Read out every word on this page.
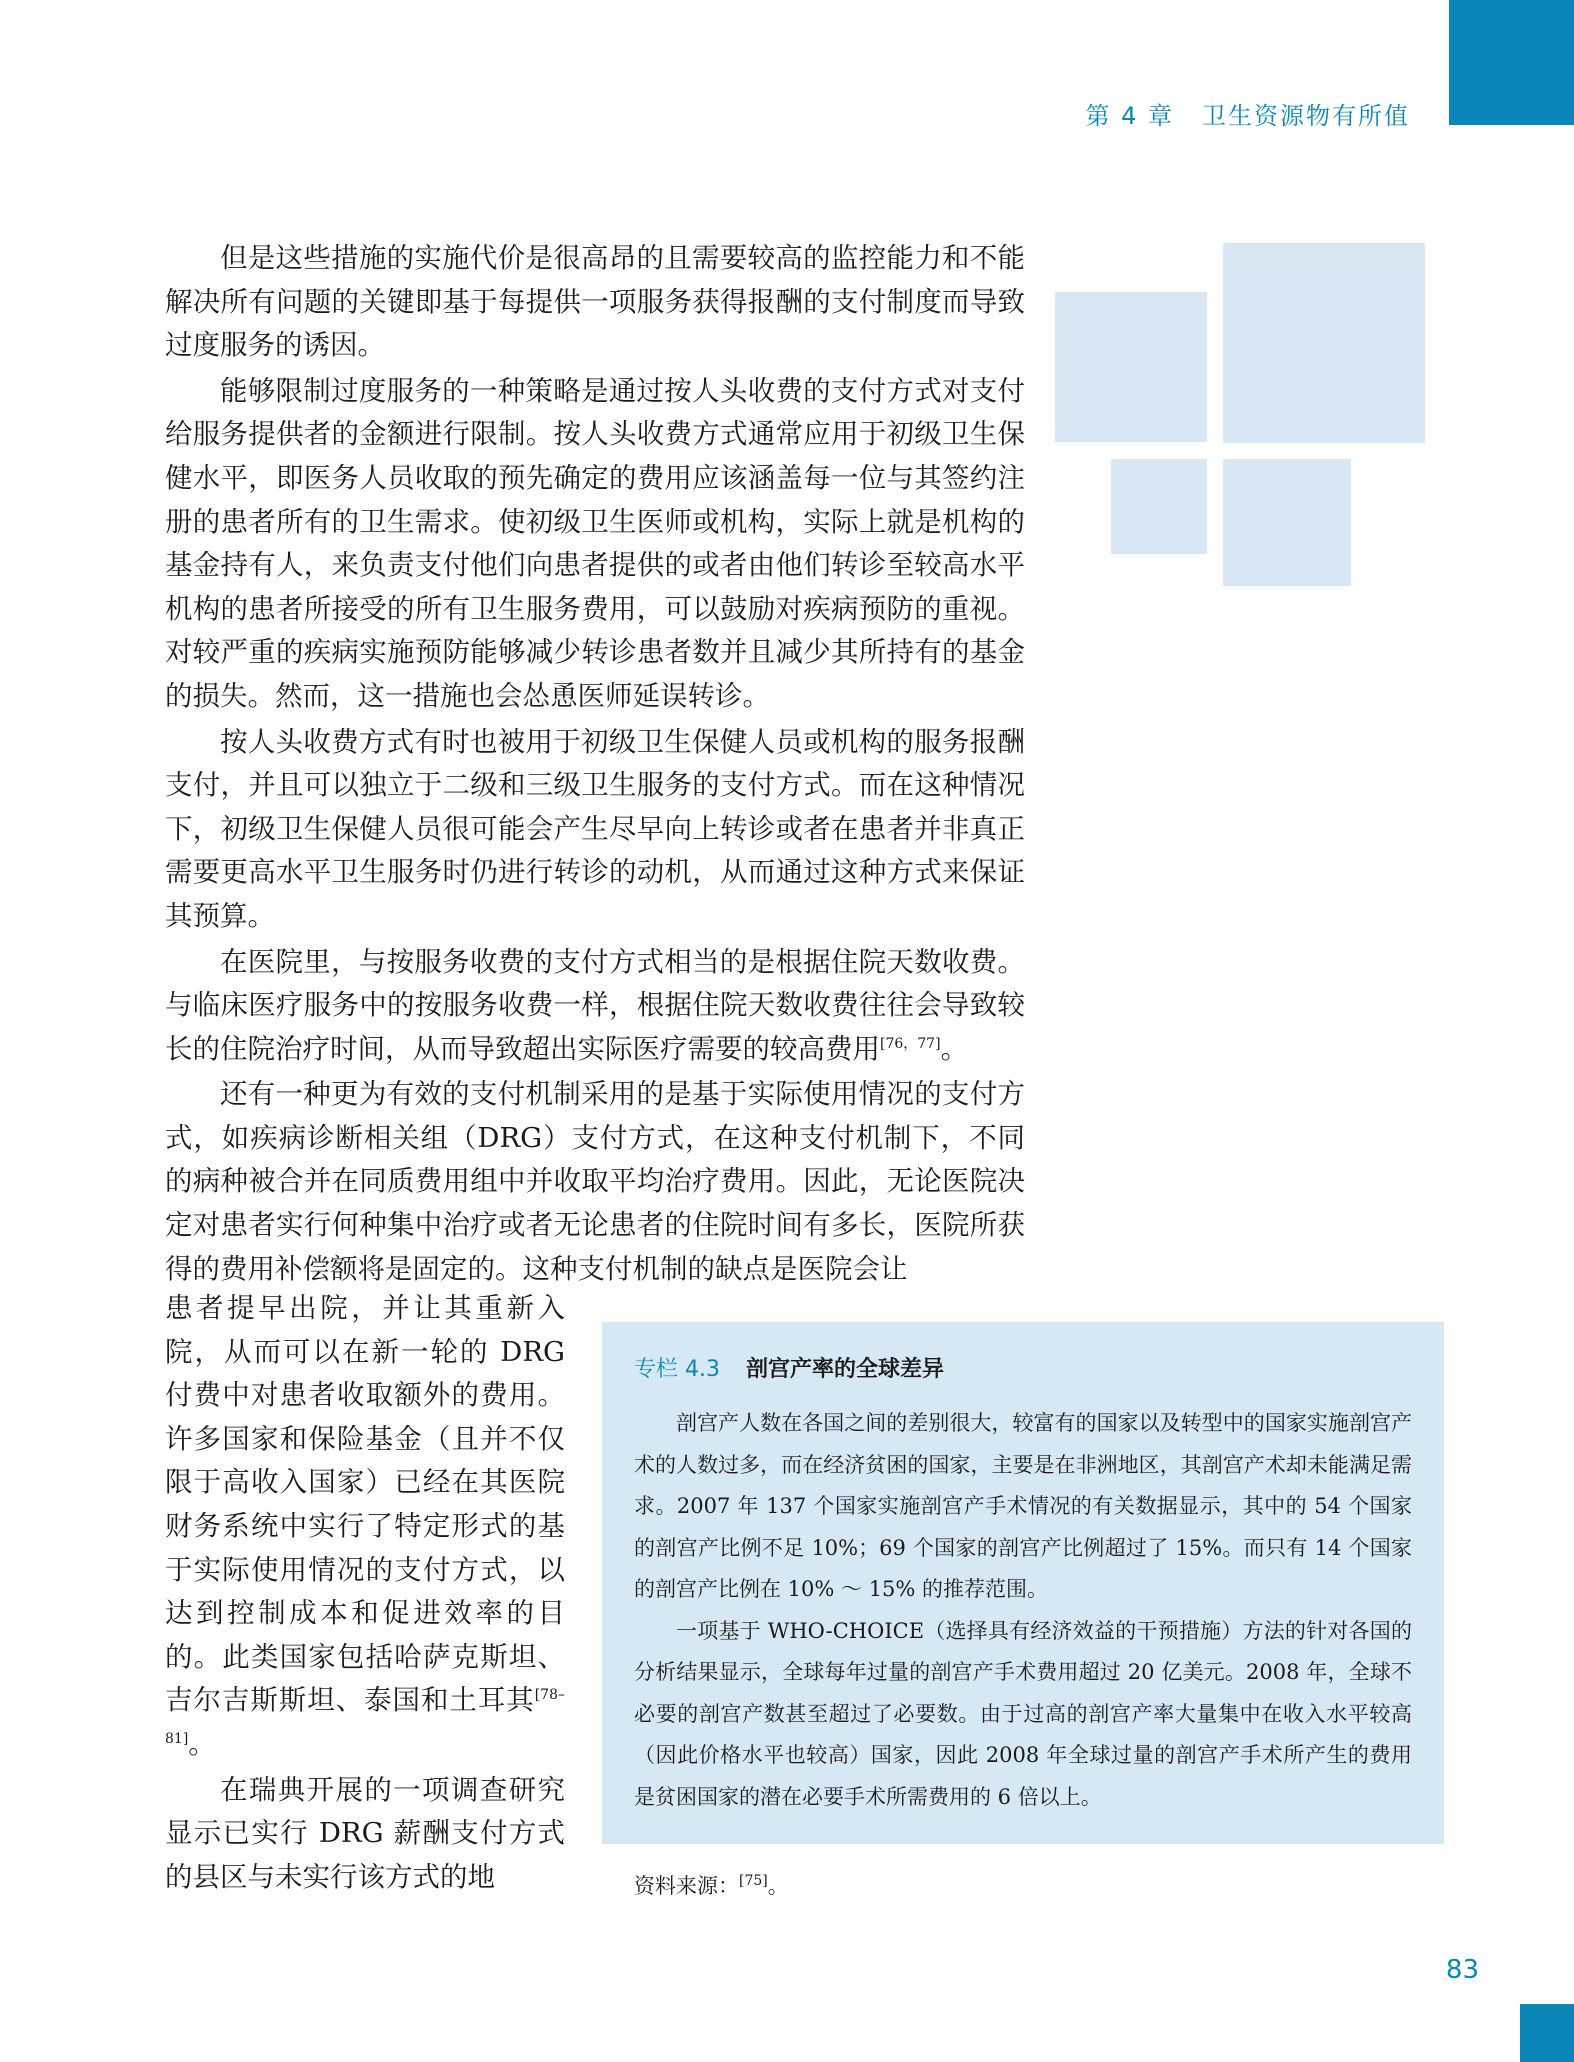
第 4 章 卫生资源物有所值

但是这些措施的实施代价是很高昂的且需要较高的监控能力和不能解决所有问题的关键即基于每提供一项服务获得报酬的支付制度而导致过度服务的诱因。

能够限制过度服务的一种策略是通过按人头收费的支付方式对支付给服务提供者的金额进行限制。按人头收费方式通常应用于初级卫生保健水平，即医务人员收取的预先确定的费用应该涵盖每一位与其签约注册的患者所有的卫生需求。使初级卫生医师或机构，实际上就是机构的基金持有人，来负责支付他们向患者提供的或者由他们转诊至较高水平机构的患者所接受的所有卫生服务费用，可以鼓励对疾病预防的重视。对较严重的疾病实施预防能够减少转诊患者数并且减少其所持有的基金的损失。然而，这一措施也会怂恿医师延误转诊。

按人头收费方式有时也被用于初级卫生保健人员或机构的服务报酬支付，并且可以独立于二级和三级卫生服务的支付方式。而在这种情况下，初级卫生保健人员很可能会产生尽早向上转诊或者在患者并非真正需要更高水平卫生服务时仍进行转诊的动机，从而通过这种方式来保证其预算。

在医院里，与按服务收费的支付方式相当的是根据住院天数收费。与临床医疗服务中的按服务收费一样，根据住院天数收费往往会导致较长的住院治疗时间，从而导致超出实际医疗需要的较高费用[76，77]。

还有一种更为有效的支付机制采用的是基于实际使用情况的支付方式，如疾病诊断相关组（DRG）支付方式，在这种支付机制下，不同的病种被合并在同质费用组中并收取平均治疗费用。因此，无论医院决定对患者实行何种集中治疗或者无论患者的住院时间有多长，医院所获得的费用补偿额将是固定的。这种支付机制的缺点是医院会让

患者提早出院，并让其重新入院，从而可以在新一轮的 DRG 付费中对患者收取额外的费用。许多国家和保险基金（且并不仅限于高收入国家）已经在其医院财务系统中实行了特定形式的基于实际使用情况的支付方式，以达到控制成本和促进效率的目的。此类国家包括哈萨克斯坦、吉尔吉斯斯坦、泰国和土耳其[78–81]。

在瑞典开展的一项调查研究显示已实行 DRG 薪酬支付方式的县区与未实行该方式的地

专栏 4.3 剖宫产率的全球差异

剖宫产人数在各国之间的差别很大，较富有的国家以及转型中的国家实施剖宫产术的人数过多，而在经济贫困的国家，主要是在非洲地区，其剖宫产术却未能满足需求。2007 年 137 个国家实施剖宫产手术情况的有关数据显示，其中的 54 个国家的剖宫产比例不足 10%；69 个国家的剖宫产比例超过了 15%。而只有 14 个国家的剖宫产比例在 10% ～ 15% 的推荐范围。

一项基于 WHO-CHOICE（选择具有经济效益的干预措施）方法的针对各国的分析结果显示，全球每年过量的剖宫产手术费用超过 20 亿美元。2008 年，全球不必要的剖宫产数甚至超过了必要数。由于过高的剖宫产率大量集中在收入水平较高（因此价格水平也较高）国家，因此 2008 年全球过量的剖宫产手术所产生的费用是贫困国家的潜在必要手术所需费用的 6 倍以上。

资料来源：[75]。
83
